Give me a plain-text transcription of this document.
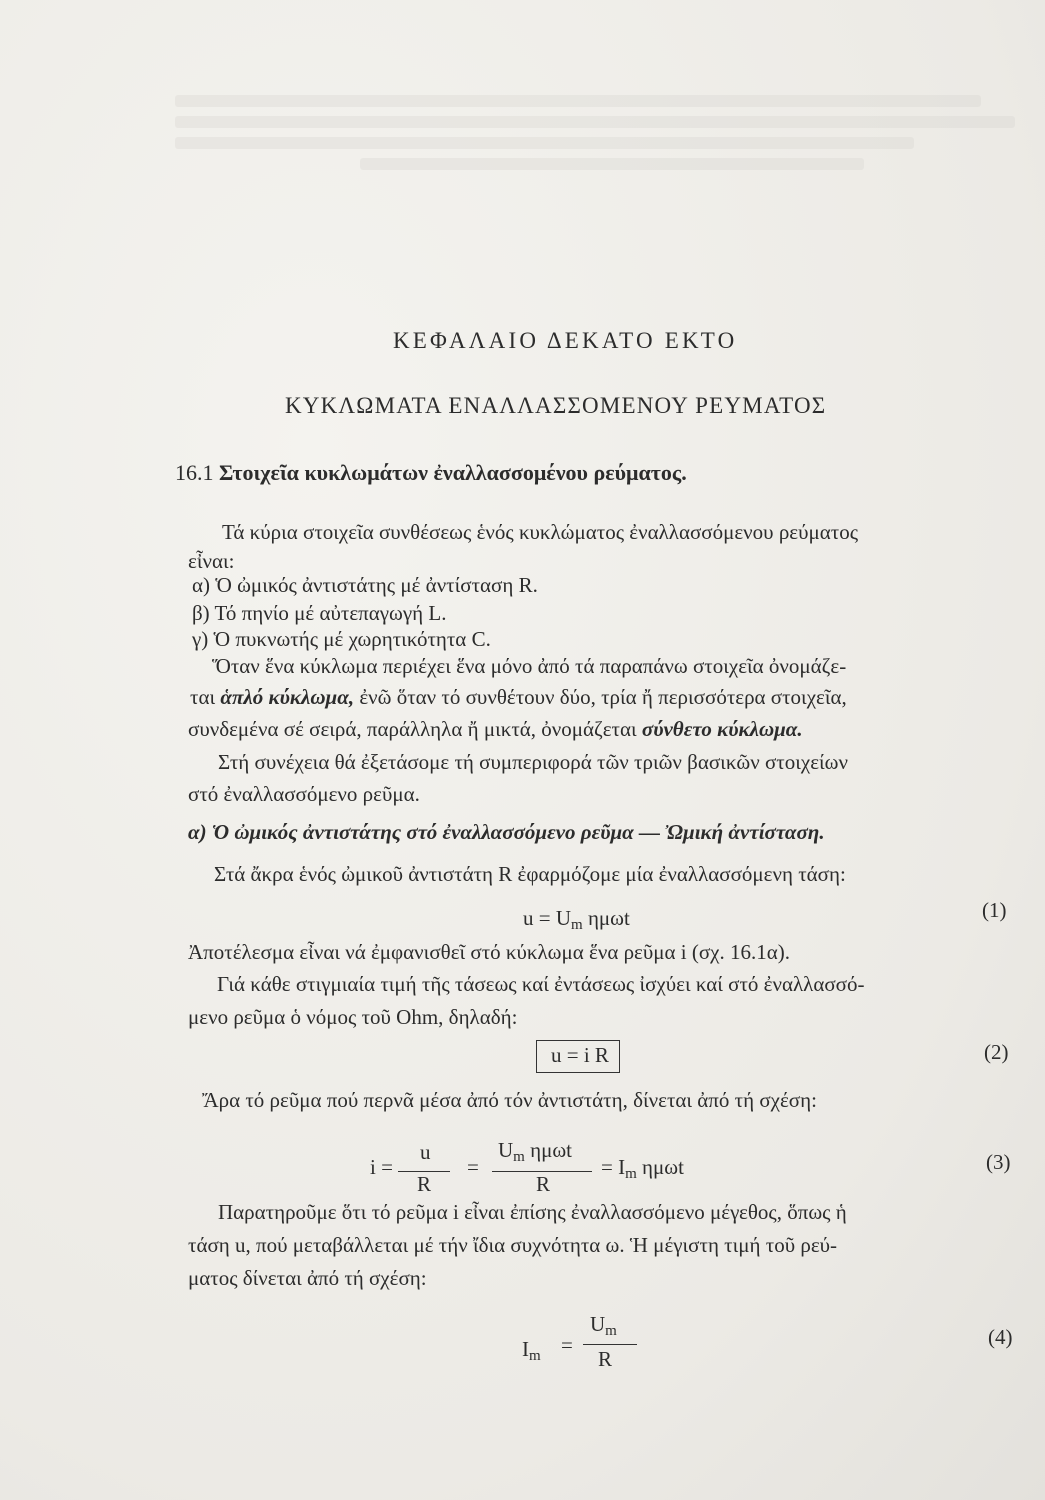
ΚΕΦΑΛΑΙΟ ΔΕΚΑΤΟ ΕΚΤΟ
ΚΥΚΛΩΜΑΤΑ ΕΝΑΛΛΑΣΣΟΜΕΝΟΥ ΡΕΥΜΑΤΟΣ
16.1 Στοιχεῖα κυκλωμάτων ἐναλλασσομένου ρεύματος.
Τά κύρια στοιχεῖα συνθέσεως ἑνός κυκλώματος ἐναλλασσόμενου ρεύματος
εἶναι:
α) Ὁ ὠμικός ἀντιστάτης μέ ἀντίσταση R.
β) Τό πηνίο μέ αὐτεπαγωγή L.
γ) Ὁ πυκνωτής μέ χωρητικότητα C.
Ὅταν ἕνα κύκλωμα περιέχει ἕνα μόνο ἀπό τά παραπάνω στοιχεῖα ὀνομάζε-
ται ἁπλό κύκλωμα, ἐνῶ ὅταν τό συνθέτουν δύο, τρία ἤ περισσότερα στοιχεῖα,
συνδεμένα σέ σειρά, παράλληλα ἤ μικτά, ὀνομάζεται σύνθετο κύκλωμα.
Στή συνέχεια θά ἐξετάσομε τή συμπεριφορά τῶν τριῶν βασικῶν στοιχείων
στό ἐναλλασσόμενο ρεῦμα.
α) Ὁ ὠμικός ἀντιστάτης στό ἐναλλασσόμενο ρεῦμα — Ὠμική ἀντίσταση.
Στά ἄκρα ἑνός ὠμικοῦ ἀντιστάτη R ἐφαρμόζομε μία ἐναλλασσόμενη τάση:
$u = U_m$ ημωt	(1)
Ἀποτέλεσμα εἶναι νά ἐμφανισθεῖ στό κύκλωμα ἕνα ρεῦμα i (σχ. 16.1α).
Γιά κάθε στιγμιαία τιμή τῆς τάσεως καί ἐντάσεως ἰσχύει καί στό ἐναλλασσό-
μενο ρεῦμα ὁ νόμος τοῦ Ohm, δηλαδή:
u = i R	(2)
Ἄρα τό ρεῦμα πού περνᾶ μέσα ἀπό τόν ἀντιστάτη, δίνεται ἀπό τή σχέση:
i =
u
R
=
$U_m$ ημωt
R
= $I_m$ ημωt	(3)
Παρατηροῦμε ὅτι τό ρεῦμα i εἶναι ἐπίσης ἐναλλασσόμενο μέγεθος, ὅπως ἡ
τάση u, πού μεταβάλλεται μέ τήν ἴδια συχνότητα ω. Ἡ μέγιστη τιμή τοῦ ρεύ-
ματος δίνεται ἀπό τή σχέση:
$I_m$ =
$U_m$
R
(4)
